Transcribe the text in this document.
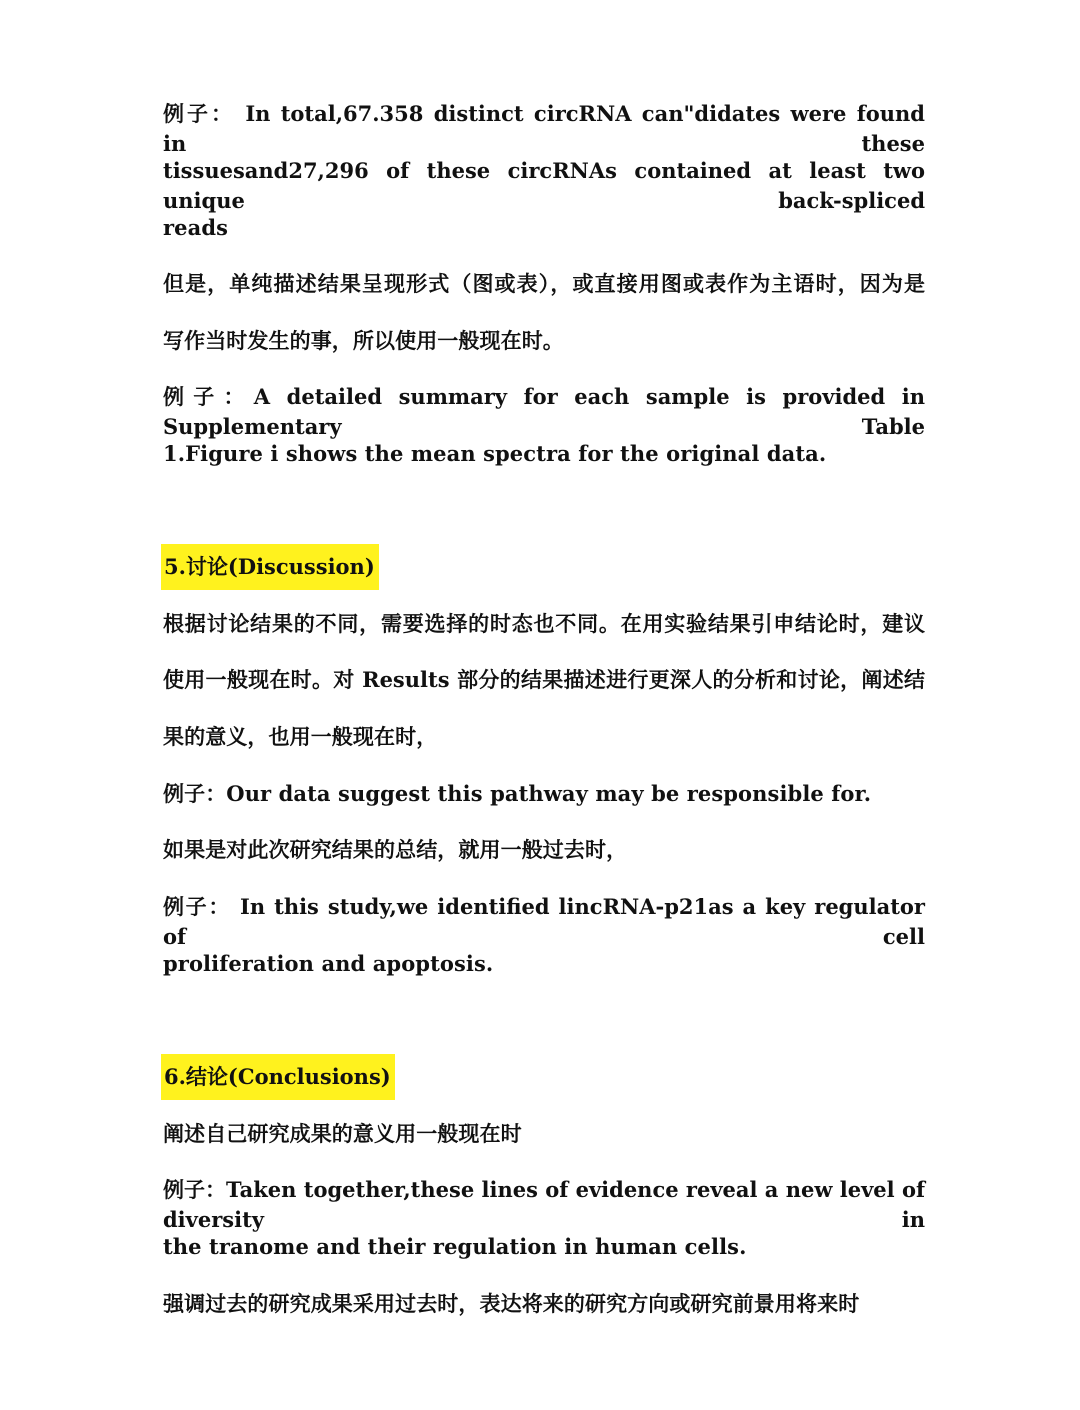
例子： In total,67.358 distinct circRNA can"didates were found in these
tissuesand27,296 of these circRNAs contained at least two unique back-spliced
reads
但是，单纯描述结果呈现形式（图或表），或直接用图或表作为主语时，因为是
写作当时发生的事，所以使用一般现在时。
例子：A detailed summary for each sample is provided in Supplementary Table
1.Figure i shows the mean spectra for the original data.
5.讨论(Discussion)
根据讨论结果的不同，需要选择的时态也不同。在用实验结果引申结论时，建议
使用一般现在时。对 Results 部分的结果描述进行更深人的分析和讨论，阐述结
果的意义，也用一般现在时，
例子：Our data suggest this pathway may be responsible for.
如果是对此次研究结果的总结，就用一般过去时，
例子： In this study,we identified lincRNA-p21as a key regulator of cell
proliferation and apoptosis.
6.结论(Conclusions)
阐述自己研究成果的意义用一般现在时
例子：Taken together,these lines of evidence reveal a new level of diversity in
the tranome and their regulation in human cells.
强调过去的研究成果采用过去时，表达将来的研究方向或研究前景用将来时
